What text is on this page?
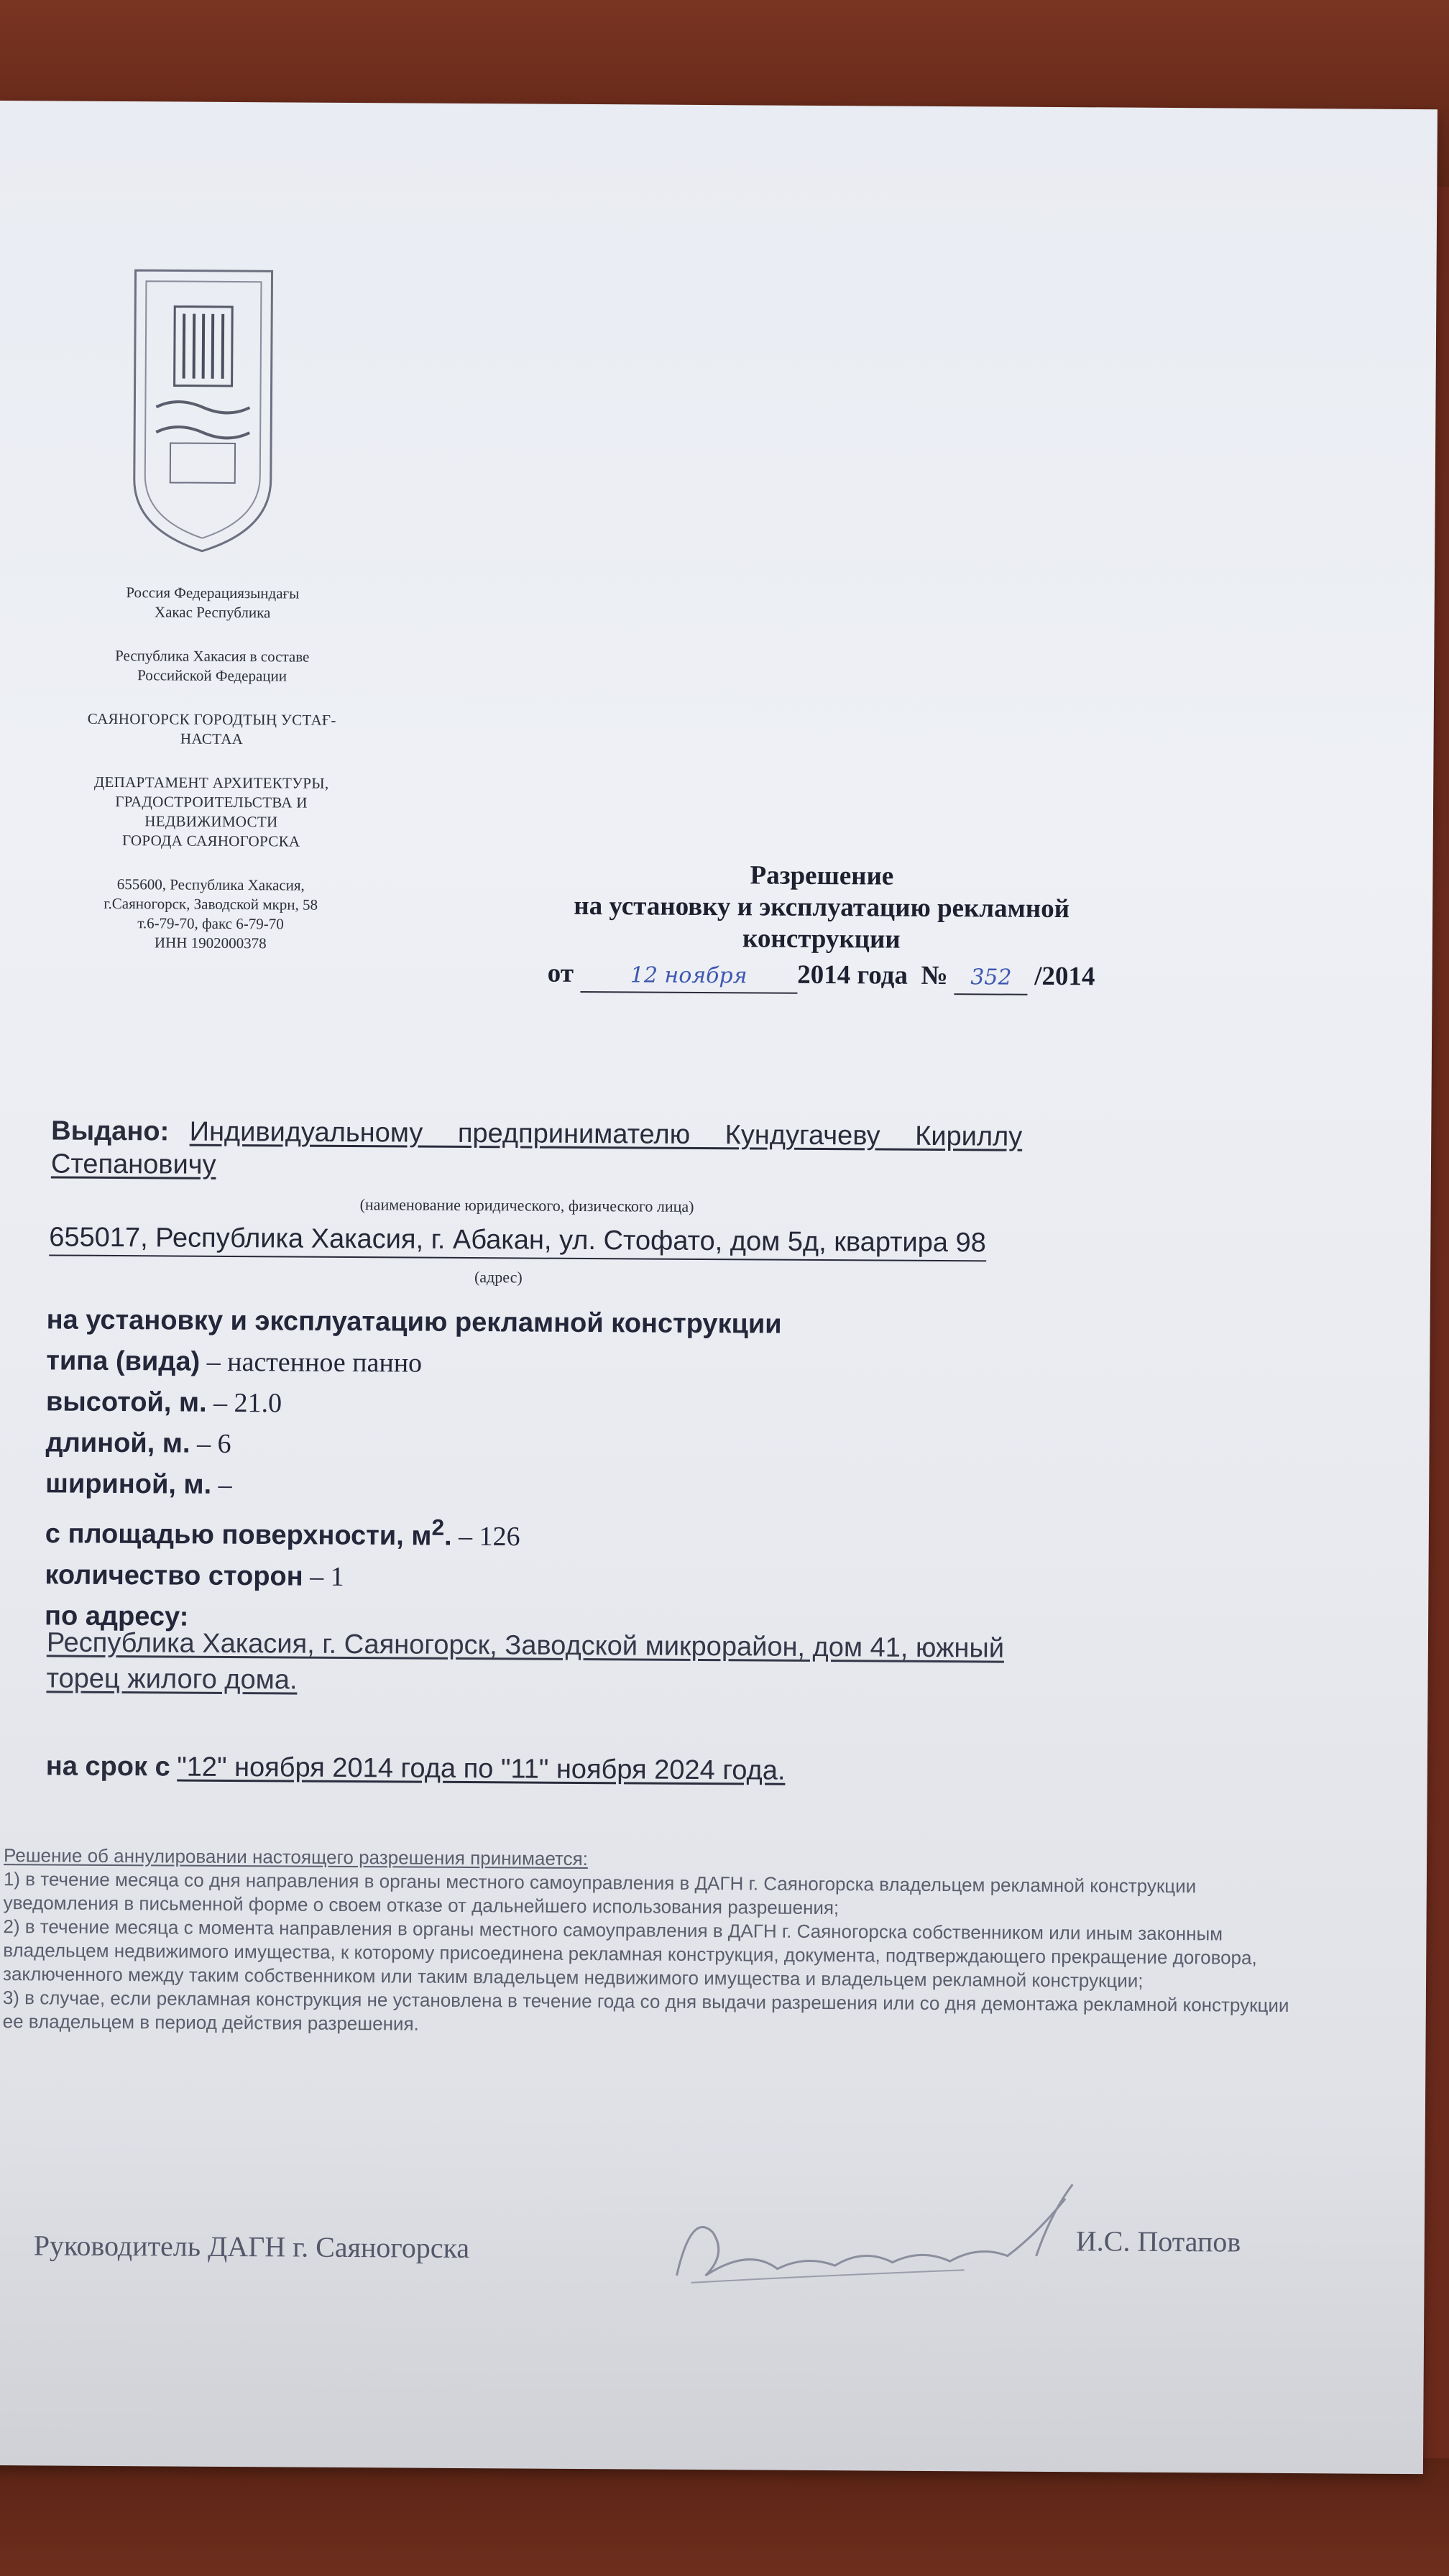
Россия Федерациязындағы
Хакас Республика
Республика Хакасия в составе
Российской Федерации
САЯНОГОРСК ГОРОДТЫҢ УСТАҒ-
НАСТАА
ДЕПАРТАМЕНТ АРХИТЕКТУРЫ,
ГРАДОСТРОИТЕЛЬСТВА И
НЕДВИЖИМОСТИ
ГОРОДА САЯНОГОРСКА
655600, Республика Хакасия,
г.Саяногорск, Заводской мкрн, 58
т.6-79-70, факс 6-79-70
ИНН 1902000378
Разрешение
на установку и эксплуатацию рекламной
конструкции
от	12 ноября 2014 года № 352 /2014
Выдано: Индивидуальному предпринимателю Кундугачеву Кириллу
Степановичу
(наименование юридического, физического лица)
655017, Республика Хакасия, г. Абакан, ул. Стофато, дом 5д, квартира 98
(адрес)
на установку и эксплуатацию рекламной конструкции
типа (вида) – настенное панно
высотой, м. – 21.0
длиной, м. – 6
шириной, м. –
с площадью поверхности, $м^2$. – 126
количество сторон – 1
по адресу:
Республика Хакасия, г. Саяногорск, Заводской микрорайон, дом 41, южный
торец жилого дома.
на срок с "12" ноября 2014 года по "11" ноября 2024 года.

Решение об аннулировании настоящего разрешения принимается:

1) в течение месяца со дня направления в органы местного самоуправления в ДАГН г. Саяногорска владельцем рекламной конструкции уведомления в письменной форме о своем отказе от дальнейшего использования разрешения;

2) в течение месяца с момента направления в органы местного самоуправления в ДАГН г. Саяногорска собственником или иным законным владельцем недвижимого имущества, к которому присоединена рекламная конструкция, документа, подтверждающего прекращение договора, заключенного между таким собственником или таким владельцем недвижимого имущества и владельцем рекламной конструкции;

3) в случае, если рекламная конструкция не установлена в течение года со дня выдачи разрешения или со дня демонтажа рекламной конструкции ее владельцем в период действия разрешения.

Руководитель ДАГН г. Саяногорска	И.С. Потапов
